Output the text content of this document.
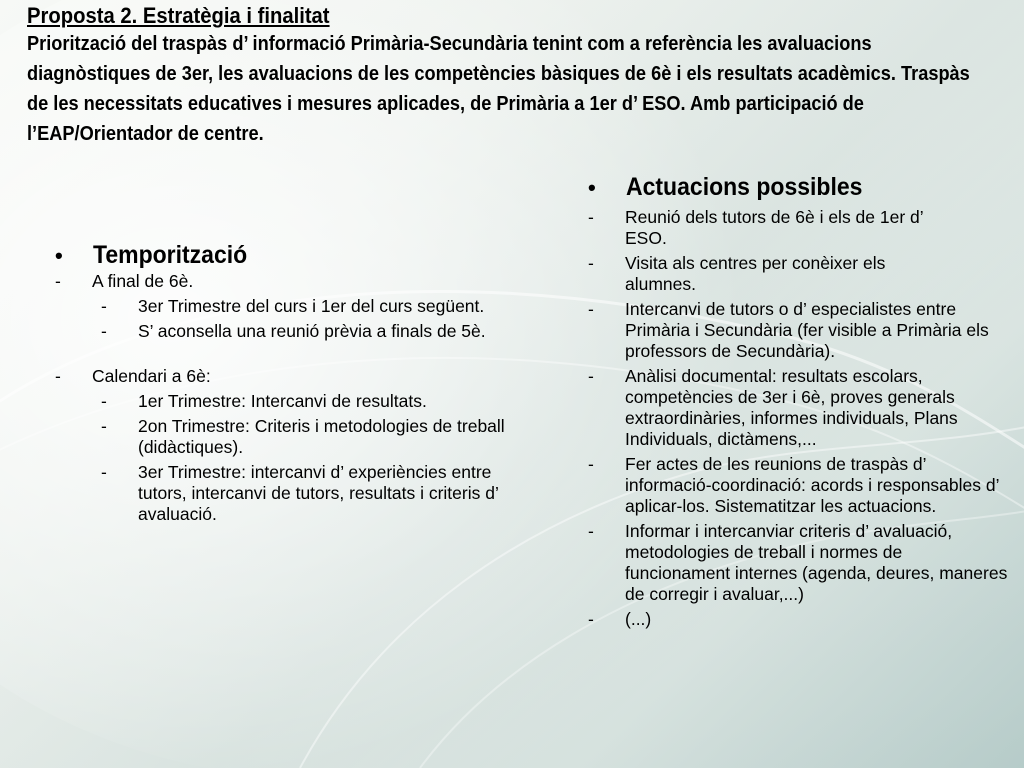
Proposta 2. Estratègia i finalitat
Priorització del traspàs d’ informació Primària-Secundària tenint com a referència les avaluacions diagnòstiques de 3er, les avaluacions de les competències bàsiques de 6è i els resultats acadèmics. Traspàs de les necessitats educatives i mesures aplicades, de Primària a 1er d’ ESO. Amb participació de l’EAP/Orientador de centre.
•	Temporització
-	A final de 6è.
-	3er Trimestre del curs i 1er del curs següent.
-	S’ aconsella una reunió prèvia a finals de 5è.
-	Calendari a 6è:
-	1er Trimestre: Intercanvi de resultats.
-	2on Trimestre: Criteris i metodologies de treball (didàctiques).
-	3er Trimestre: intercanvi d’ experiències entre tutors, intercanvi de tutors, resultats i criteris d’ avaluació.
•	Actuacions possibles
-	Reunió dels tutors de 6è i els de 1er d’ ESO.
-	Visita als centres per conèixer els alumnes.
-	Intercanvi de tutors o d’ especialistes entre Primària i Secundària (fer visible a Primària els professors de Secundària).
-	Anàlisi documental: resultats escolars, competències de 3er i 6è, proves generals extraordinàries, informes individuals, Plans Individuals, dictàmens,...
-	Fer actes de les reunions de traspàs d’ informació-coordinació: acords i responsables d’ aplicar-los. Sistematitzar les actuacions.
-	Informar i intercanviar criteris d’ avaluació, metodologies de treball i normes de funcionament internes (agenda, deures, maneres de corregir i avaluar,...)
-	(...)
